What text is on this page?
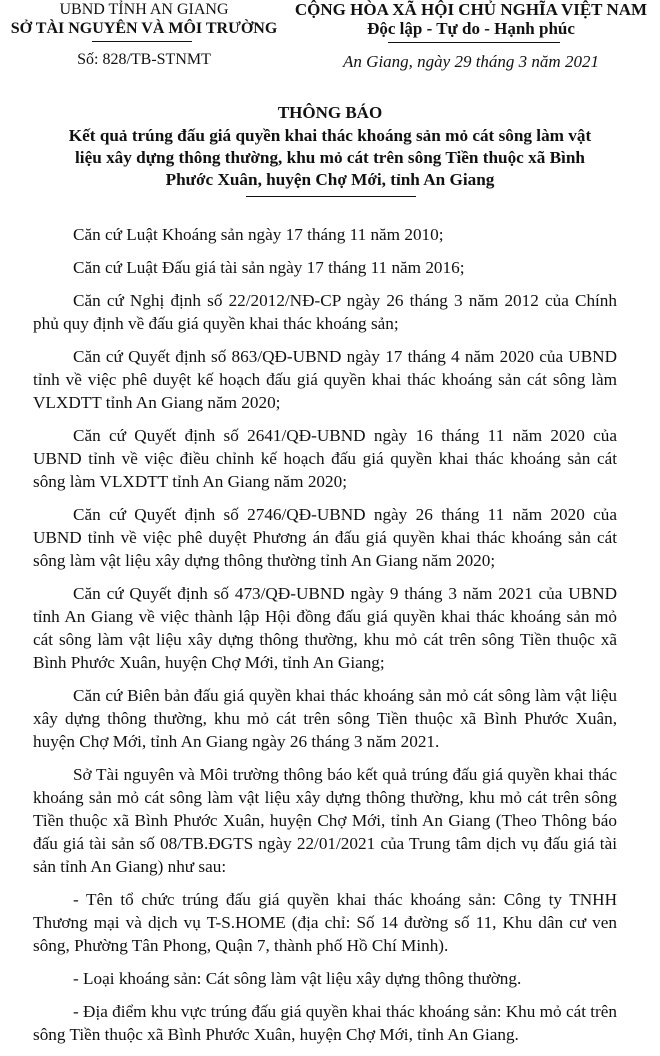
UBND TỈNH AN GIANG
SỞ TÀI NGUYÊN VÀ MÔI TRƯỜNG
CỘNG HÒA XÃ HỘI CHỦ NGHĨA VIỆT NAM
Độc lập - Tự do - Hạnh phúc
Số: 828/TB-STNMT	An Giang, ngày 29 tháng 3 năm 2021
THÔNG BÁO
Kết quả trúng đấu giá quyền khai thác khoáng sản mỏ cát sông làm vật liệu xây dựng thông thường, khu mỏ cát trên sông Tiền thuộc xã Bình Phước Xuân, huyện Chợ Mới, tỉnh An Giang

Căn cứ Luật Khoáng sản ngày 17 tháng 11 năm 2010;

Căn cứ Luật Đấu giá tài sản ngày 17 tháng 11 năm 2016;

Căn cứ Nghị định số 22/2012/NĐ-CP ngày 26 tháng 3 năm 2012 của Chính phủ quy định về đấu giá quyền khai thác khoáng sản;

Căn cứ Quyết định số 863/QĐ-UBND ngày 17 tháng 4 năm 2020 của UBND tỉnh về việc phê duyệt kế hoạch đấu giá quyền khai thác khoáng sản cát sông làm VLXDTT tỉnh An Giang năm 2020;

Căn cứ Quyết định số 2641/QĐ-UBND ngày 16 tháng 11 năm 2020 của UBND tỉnh về việc điều chỉnh kế hoạch đấu giá quyền khai thác khoáng sản cát sông làm VLXDTT tỉnh An Giang năm 2020;

Căn cứ Quyết định số 2746/QĐ-UBND ngày 26 tháng 11 năm 2020 của UBND tỉnh về việc phê duyệt Phương án đấu giá quyền khai thác khoáng sản cát sông làm vật liệu xây dựng thông thường tỉnh An Giang năm 2020;

Căn cứ Quyết định số 473/QĐ-UBND ngày 9 tháng 3 năm 2021 của UBND tỉnh An Giang về việc thành lập Hội đồng đấu giá quyền khai thác khoáng sản mỏ cát sông làm vật liệu xây dựng thông thường, khu mỏ cát trên sông Tiền thuộc xã Bình Phước Xuân, huyện Chợ Mới, tỉnh An Giang;

Căn cứ Biên bản đấu giá quyền khai thác khoáng sản mỏ cát sông làm vật liệu xây dựng thông thường, khu mỏ cát trên sông Tiền thuộc xã Bình Phước Xuân, huyện Chợ Mới, tỉnh An Giang ngày 26 tháng 3 năm 2021.

Sở Tài nguyên và Môi trường thông báo kết quả trúng đấu giá quyền khai thác khoáng sản mỏ cát sông làm vật liệu xây dựng thông thường, khu mỏ cát trên sông Tiền thuộc xã Bình Phước Xuân, huyện Chợ Mới, tỉnh An Giang (Theo Thông báo đấu giá tài sản số 08/TB.ĐGTS ngày 22/01/2021 của Trung tâm dịch vụ đấu giá tài sản tỉnh An Giang) như sau:

- Tên tổ chức trúng đấu giá quyền khai thác khoáng sản: Công ty TNHH Thương mại và dịch vụ T-S.HOME (địa chỉ: Số 14 đường số 11, Khu dân cư ven sông, Phường Tân Phong, Quận 7, thành phố Hồ Chí Minh).

- Loại khoáng sản: Cát sông làm vật liệu xây dựng thông thường.

- Địa điểm khu vực trúng đấu giá quyền khai thác khoáng sản: Khu mỏ cát trên sông Tiền thuộc xã Bình Phước Xuân, huyện Chợ Mới, tỉnh An Giang.
